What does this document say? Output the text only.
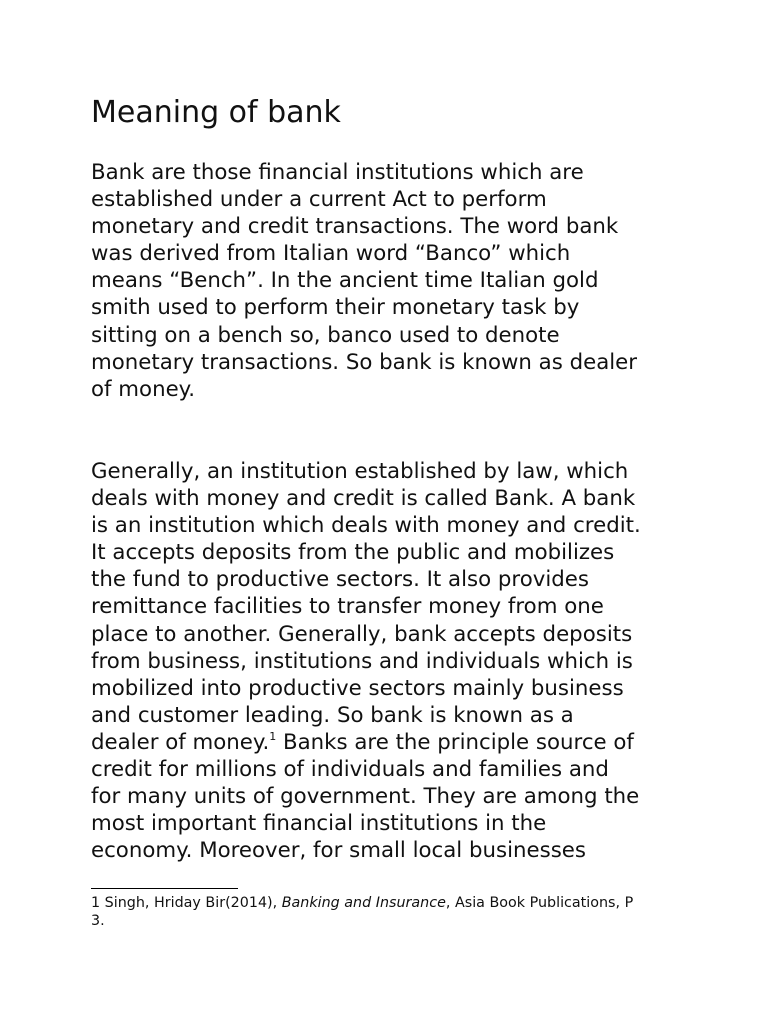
Meaning of bank

Bank are those financial institutions which are
established under a current Act to perform
monetary and credit transactions. The word bank
was derived from Italian word “Banco” which
means “Bench”. In the ancient time Italian gold
smith used to perform their monetary task by
sitting on a bench so, banco used to denote
monetary transactions. So bank is known as dealer
of money.

Generally, an institution established by law, which
deals with money and credit is called Bank. A bank
is an institution which deals with money and credit.
It accepts deposits from the public and mobilizes
the fund to productive sectors. It also provides
remittance facilities to transfer money from one
place to another. Generally, bank accepts deposits
from business, institutions and individuals which is
mobilized into productive sectors mainly business
and customer leading. So bank is known as a
dealer of money.$^1$ Banks are the principle source of
credit for millions of individuals and families and
for many units of government. They are among the
most important financial institutions in the
economy. Moreover, for small local businesses

1 Singh, Hriday Bir(2014), Banking and Insurance, Asia Book Publications, P
3.
